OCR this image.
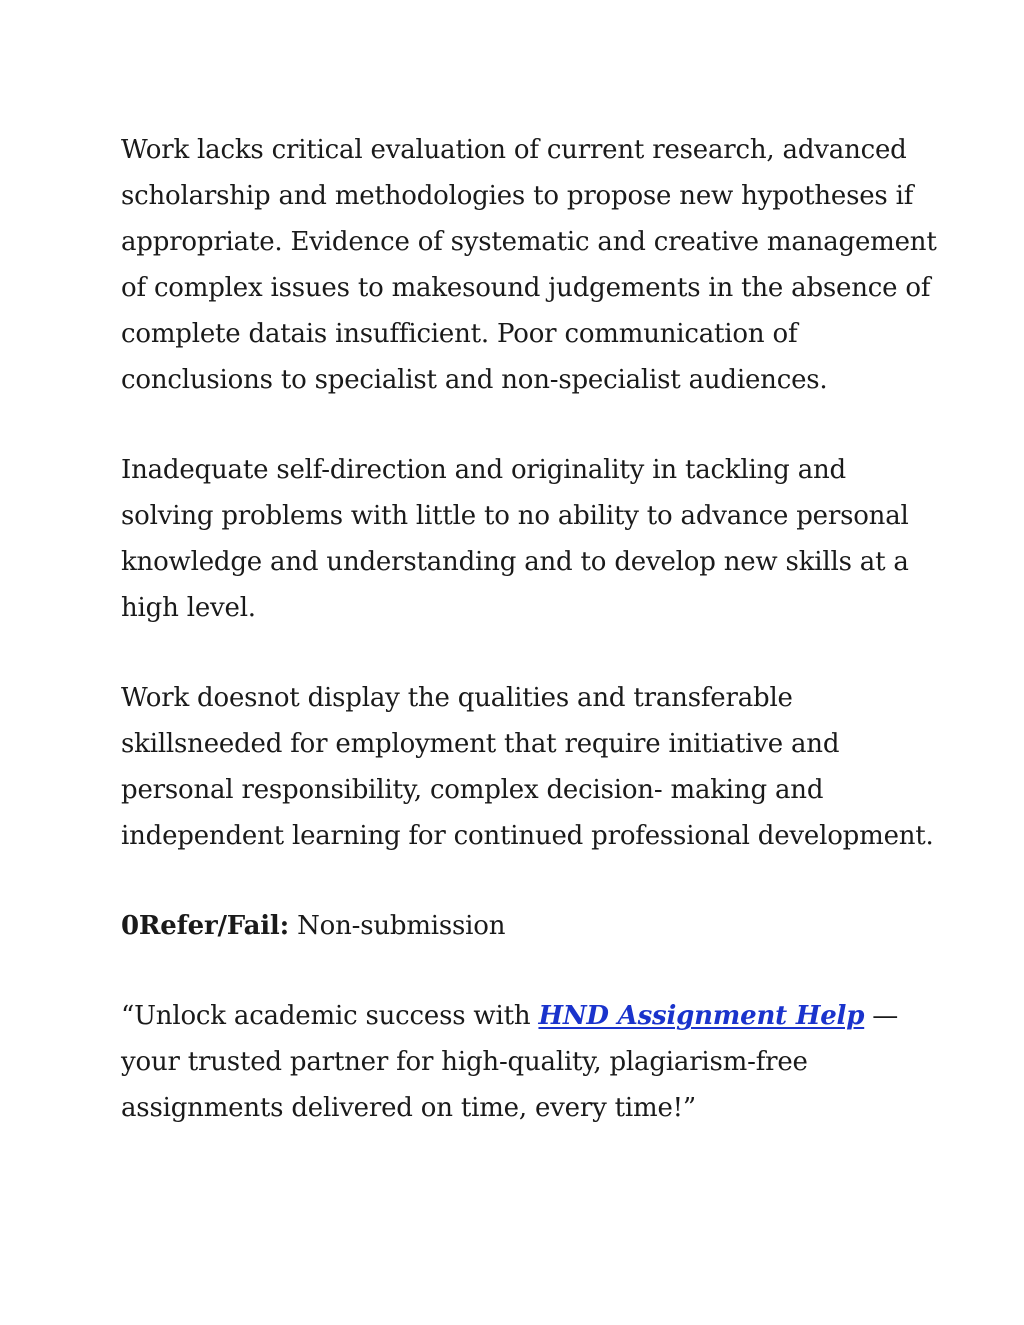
Work lacks critical evaluation of current research, advanced
scholarship and methodologies to propose new hypotheses if
appropriate. Evidence of systematic and creative management
of complex issues to makesound judgements in the absence of
complete datais insufficient. Poor communication of
conclusions to specialist and non-specialist audiences.

Inadequate self-direction and originality in tackling and
solving problems with little to no ability to advance personal
knowledge and understanding and to develop new skills at a
high level.

Work doesnot display the qualities and transferable
skillsneeded for employment that require initiative and
personal responsibility, complex decision- making and
independent learning for continued professional development.

0Refer/Fail: Non-submission

“Unlock academic success with HND Assignment Help —
your trusted partner for high-quality, plagiarism-free
assignments delivered on time, every time!”
